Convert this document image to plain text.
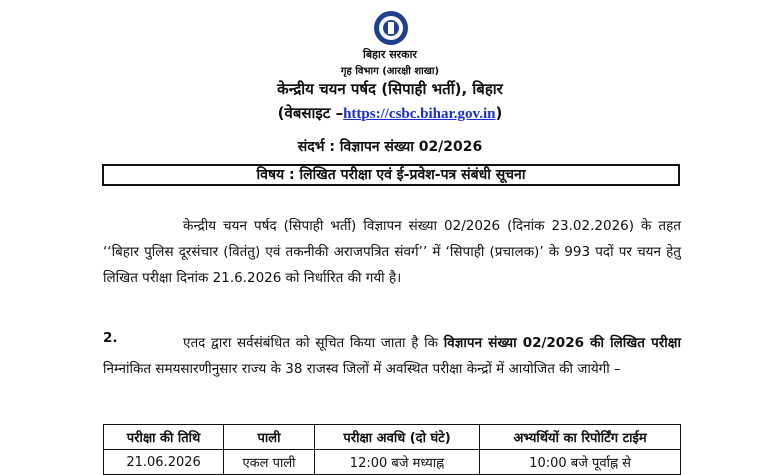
बिहार सरकार
गृह विभाग (आरक्षी शाखा)
केन्द्रीय चयन पर्षद (सिपाही भर्ती), बिहार
(वेबसाइट –https://csbc.bihar.gov.in)
संदर्भ : विज्ञापन संख्या 02/2026
विषय : लिखित परीक्षा एवं ई-प्रवेश-पत्र संबंधी सूचना
केन्द्रीय चयन पर्षद (सिपाही भर्ती) विज्ञापन संख्या 02/2026 (दिनांक 23.02.2026) के तहत ‘‘बिहार पुलिस दूरसंचार (वितंतु) एवं तकनीकी अराजपत्रित संवर्ग’’ में ‘सिपाही (प्रचालक)’ के 993 पदों पर चयन हेतु लिखित परीक्षा दिनांक 21.6.2026 को निर्धारित की गयी है।
2.	एतद द्वारा सर्वसंबंधित को सूचित किया जाता है कि विज्ञापन संख्या 02/2026 की लिखित परीक्षा निम्नांकित समयसारणीनुसार राज्य के 38 राजस्व जिलों में अवस्थित परीक्षा केन्द्रों में आयोजित की जायेगी –
परीक्षा की तिथि	पाली	परीक्षा अवधि (दो घंटे)	अभ्यर्थियों का रिपोर्टिंग टाईम
21.06.2026	एकल पाली	12:00 बजे मध्याह्न	10:00 बजे पूर्वाह्न से
